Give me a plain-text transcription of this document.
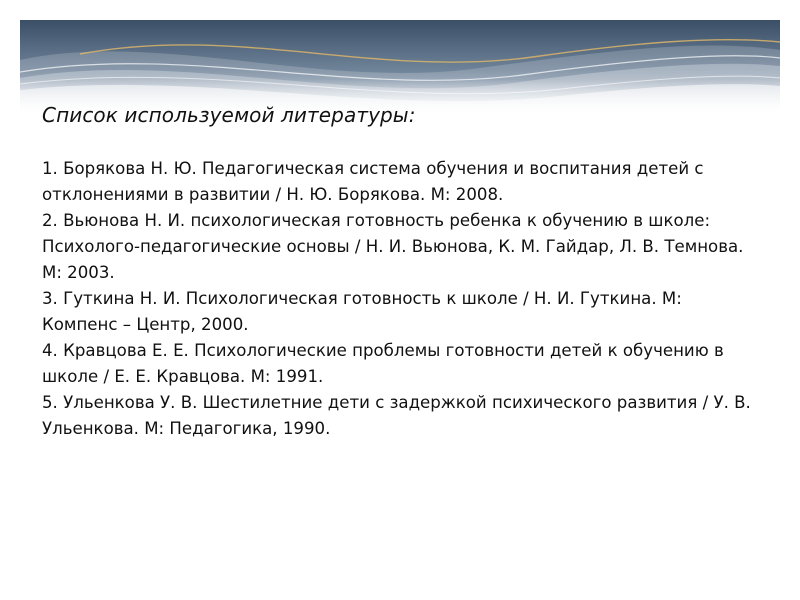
Список используемой литературы:
1. Борякова Н. Ю. Педагогическая система обучения и воспитания детей с отклонениями в развитии / Н. Ю. Борякова. М: 2008.
2. Вьюнова Н. И. психологическая готовность ребенка к обучению в школе: Психолого-педагогические основы / Н. И. Вьюнова, К. М. Гайдар, Л. В. Темнова. М: 2003.
3. Гуткина Н. И. Психологическая готовность к школе / Н. И. Гуткина. М: Компенс – Центр, 2000.
4. Кравцова Е. Е. Психологические проблемы готовности детей к обучению в школе / Е. Е. Кравцова. М: 1991.
5. Ульенкова У. В. Шестилетние дети с задержкой психического развития / У. В. Ульенкова. М: Педагогика, 1990.
